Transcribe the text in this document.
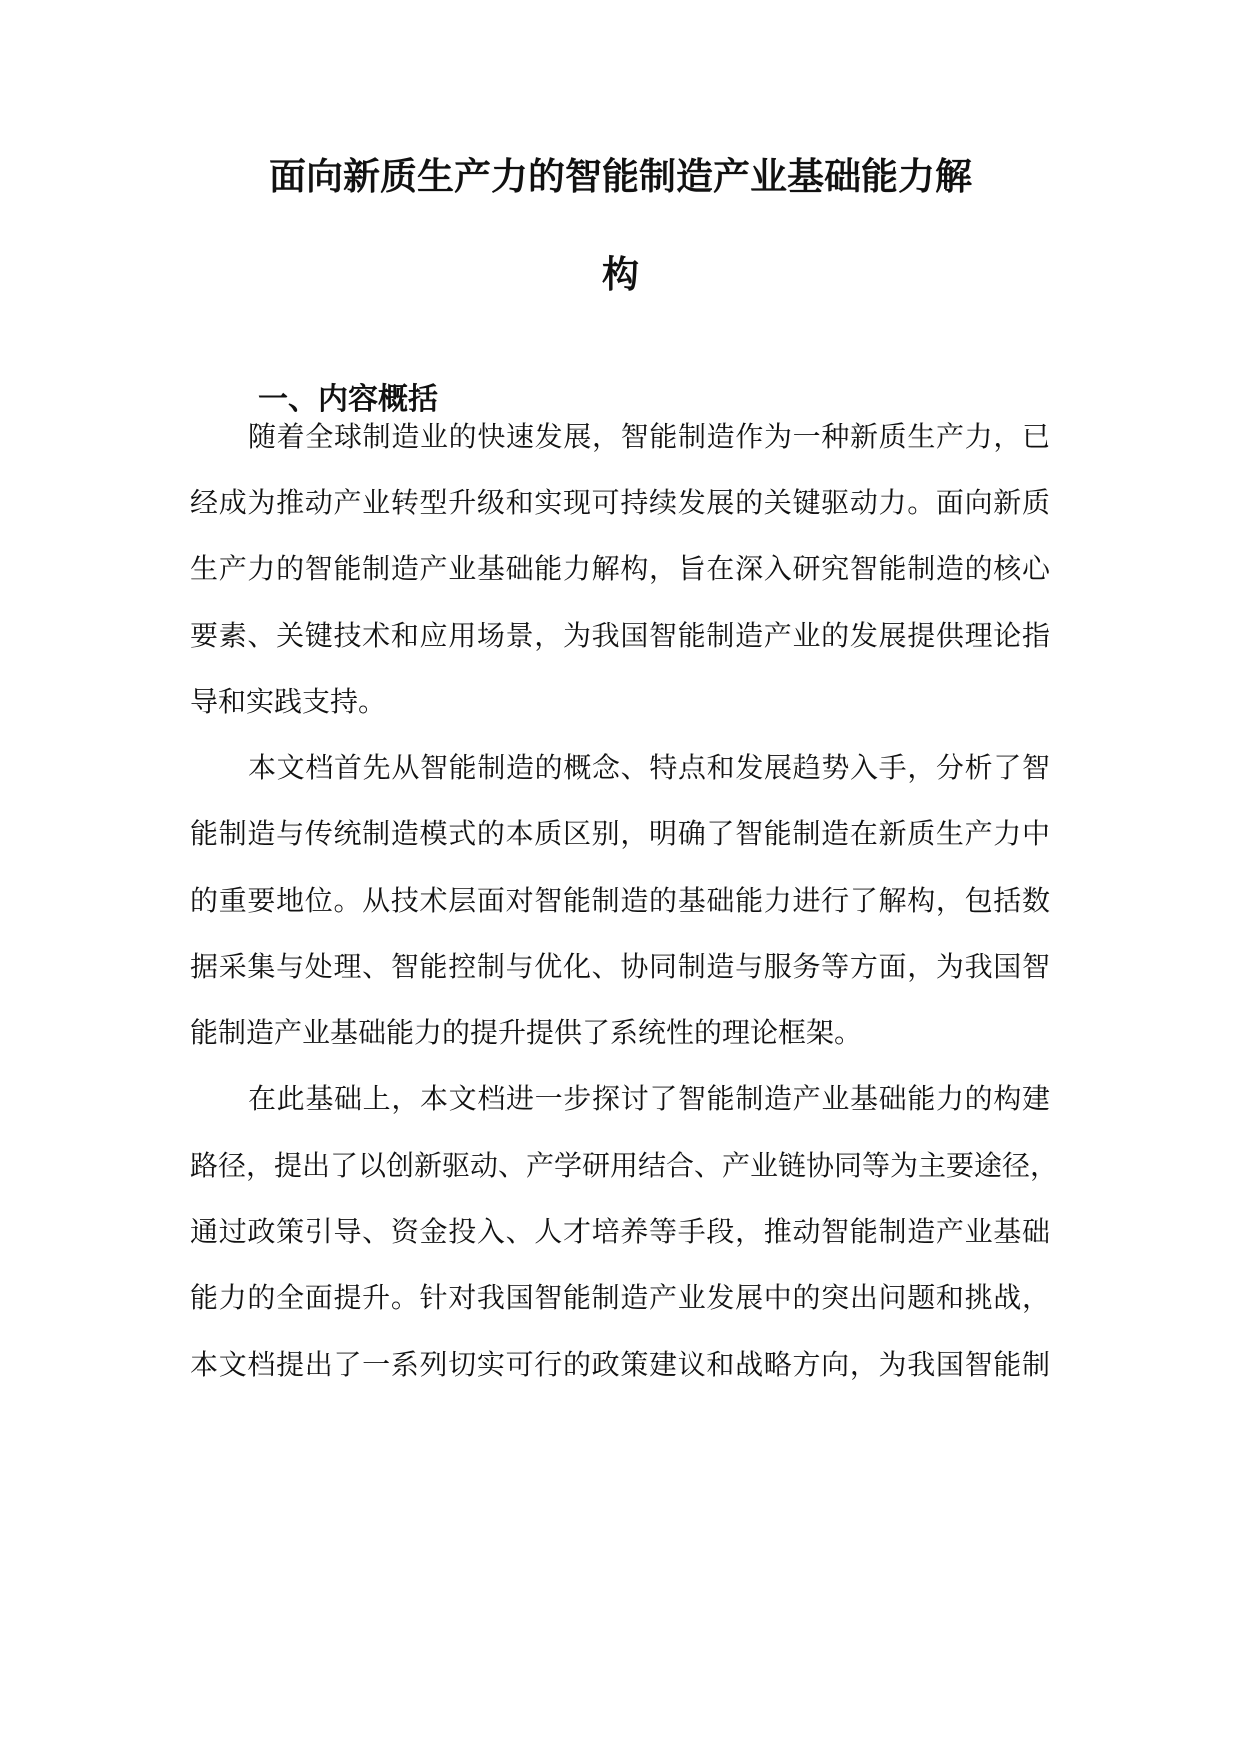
面向新质生产力的智能制造产业基础能力解
构
一、内容概括
随着全球制造业的快速发展，智能制造作为一种新质生产力，已
经成为推动产业转型升级和实现可持续发展的关键驱动力。面向新质
生产力的智能制造产业基础能力解构，旨在深入研究智能制造的核心
要素、关键技术和应用场景，为我国智能制造产业的发展提供理论指
导和实践支持。
本文档首先从智能制造的概念、特点和发展趋势入手，分析了智
能制造与传统制造模式的本质区别，明确了智能制造在新质生产力中
的重要地位。从技术层面对智能制造的基础能力进行了解构，包括数
据采集与处理、智能控制与优化、协同制造与服务等方面，为我国智
能制造产业基础能力的提升提供了系统性的理论框架。
在此基础上，本文档进一步探讨了智能制造产业基础能力的构建
路径，提出了以创新驱动、产学研用结合、产业链协同等为主要途径，
通过政策引导、资金投入、人才培养等手段，推动智能制造产业基础
能力的全面提升。针对我国智能制造产业发展中的突出问题和挑战，
本文档提出了一系列切实可行的政策建议和战略方向，为我国智能制
